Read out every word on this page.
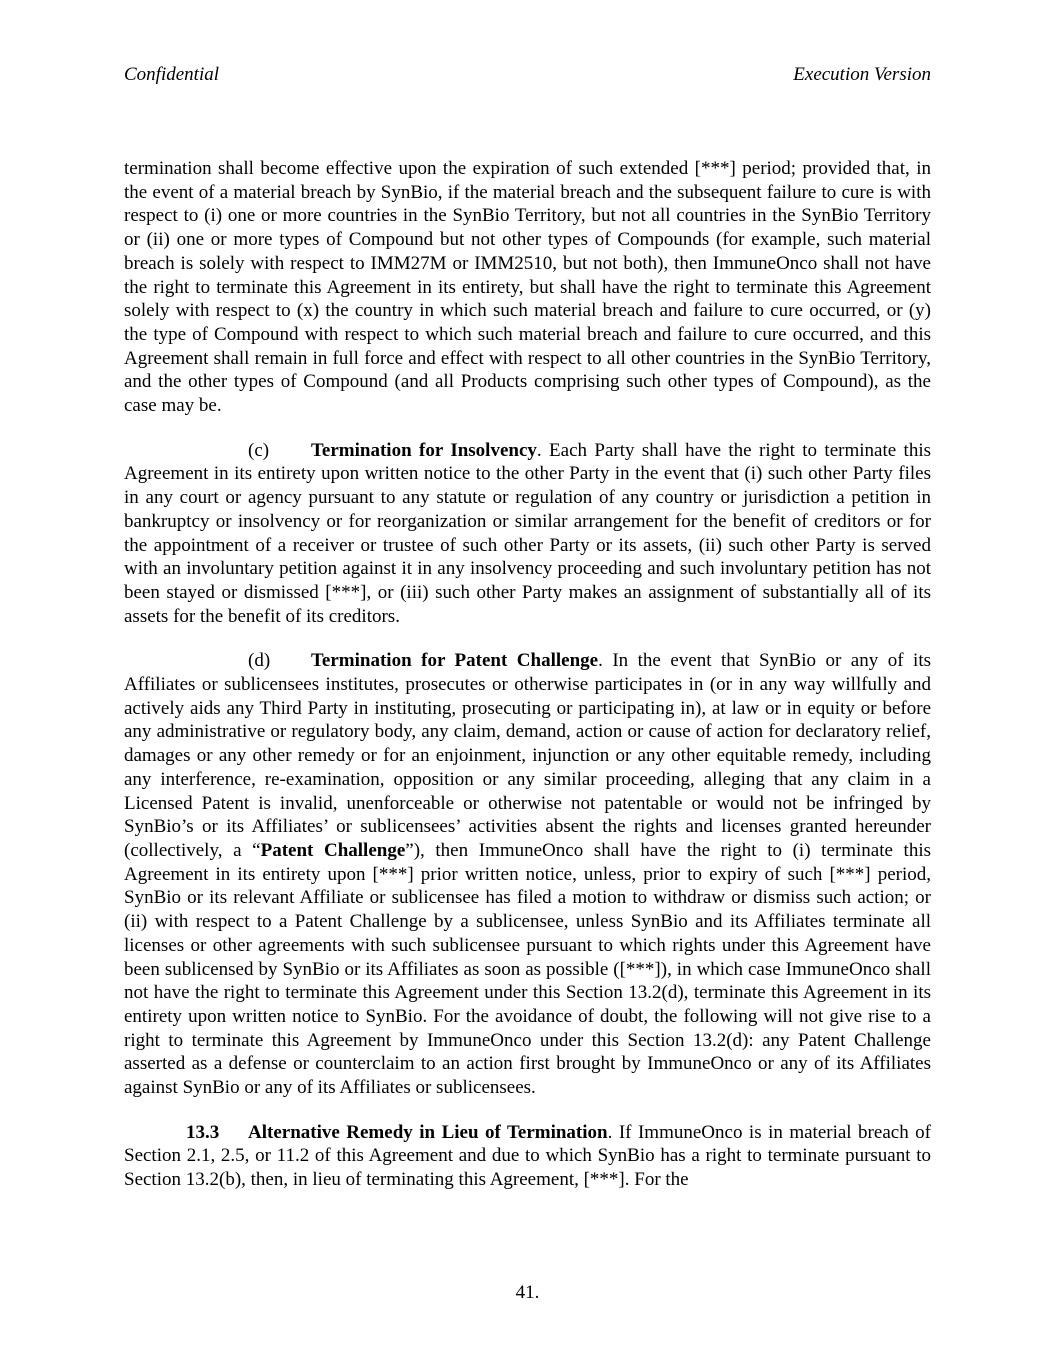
Confidential	Execution Version

termination shall become effective upon the expiration of such extended [***] period; provided that, in the event of a material breach by SynBio, if the material breach and the subsequent failure to cure is with respect to (i) one or more countries in the SynBio Territory, but not all countries in the SynBio Territory or (ii) one or more types of Compound but not other types of Compounds (for example, such material breach is solely with respect to IMM27M or IMM2510, but not both), then ImmuneOnco shall not have the right to terminate this Agreement in its entirety, but shall have the right to terminate this Agreement solely with respect to (x) the country in which such material breach and failure to cure occurred, or (y) the type of Compound with respect to which such material breach and failure to cure occurred, and this Agreement shall remain in full force and effect with respect to all other countries in the SynBio Territory, and the other types of Compound (and all Products comprising such other types of Compound), as the case may be.

(c) Termination for Insolvency. Each Party shall have the right to terminate this Agreement in its entirety upon written notice to the other Party in the event that (i) such other Party files in any court or agency pursuant to any statute or regulation of any country or jurisdiction a petition in bankruptcy or insolvency or for reorganization or similar arrangement for the benefit of creditors or for the appointment of a receiver or trustee of such other Party or its assets, (ii) such other Party is served with an involuntary petition against it in any insolvency proceeding and such involuntary petition has not been stayed or dismissed [***], or (iii) such other Party makes an assignment of substantially all of its assets for the benefit of its creditors.

(d) Termination for Patent Challenge. In the event that SynBio or any of its Affiliates or sublicensees institutes, prosecutes or otherwise participates in (or in any way willfully and actively aids any Third Party in instituting, prosecuting or participating in), at law or in equity or before any administrative or regulatory body, any claim, demand, action or cause of action for declaratory relief, damages or any other remedy or for an enjoinment, injunction or any other equitable remedy, including any interference, re-examination, opposition or any similar proceeding, alleging that any claim in a Licensed Patent is invalid, unenforceable or otherwise not patentable or would not be infringed by SynBio’s or its Affiliates’ or sublicensees’ activities absent the rights and licenses granted hereunder (collectively, a “Patent Challenge”), then ImmuneOnco shall have the right to (i) terminate this Agreement in its entirety upon [***] prior written notice, unless, prior to expiry of such [***] period, SynBio or its relevant Affiliate or sublicensee has filed a motion to withdraw or dismiss such action; or (ii) with respect to a Patent Challenge by a sublicensee, unless SynBio and its Affiliates terminate all licenses or other agreements with such sublicensee pursuant to which rights under this Agreement have been sublicensed by SynBio or its Affiliates as soon as possible ([***]), in which case ImmuneOnco shall not have the right to terminate this Agreement under this Section 13.2(d), terminate this Agreement in its entirety upon written notice to SynBio. For the avoidance of doubt, the following will not give rise to a right to terminate this Agreement by ImmuneOnco under this Section 13.2(d): any Patent Challenge asserted as a defense or counterclaim to an action first brought by ImmuneOnco or any of its Affiliates against SynBio or any of its Affiliates or sublicensees.

13.3 Alternative Remedy in Lieu of Termination. If ImmuneOnco is in material breach of Section 2.1, 2.5, or 11.2 of this Agreement and due to which SynBio has a right to terminate pursuant to Section 13.2(b), then, in lieu of terminating this Agreement, [***]. For the

41.
